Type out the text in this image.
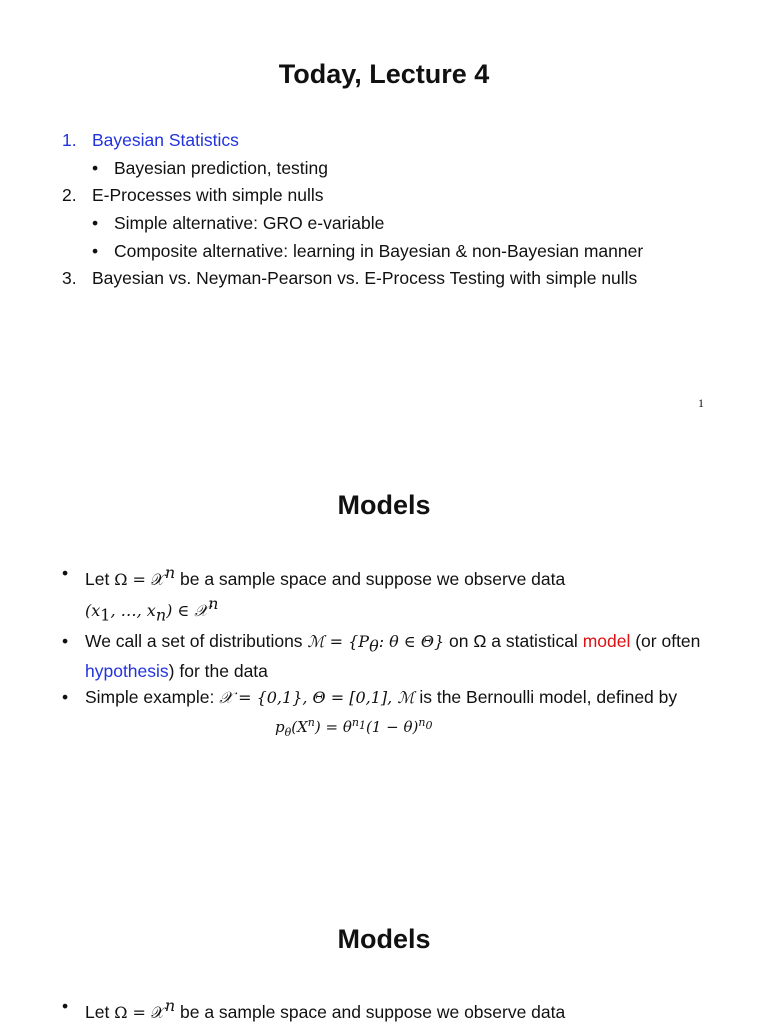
Today, Lecture 4
1. Bayesian Statistics
• Bayesian prediction, testing
2. E-Processes with simple nulls
• Simple alternative: GRO e-variable
• Composite alternative: learning in Bayesian & non-Bayesian manner
3. Bayesian vs. Neyman-Pearson vs. E-Process Testing with simple nulls
1
Models
• Let Ω = 𝒳$^n$ be a sample space and suppose we observe data
($x_1$, …, $x_n$) ∈ 𝒳$^n$
• We call a set of distributions ℳ = {$P_\theta$: θ ∈ Θ} on Ω a statistical model (or often hypothesis) for the data
• Simple example: 𝒳 = {0,1}, Θ = [0,1], ℳ is the Bernoulli model, defined by
$p_\theta(X^n) = \theta^{n_1}(1 - \theta)^{n_0}$
Models
• Let Ω = 𝒳$^n$ be a sample space and suppose we observe data
